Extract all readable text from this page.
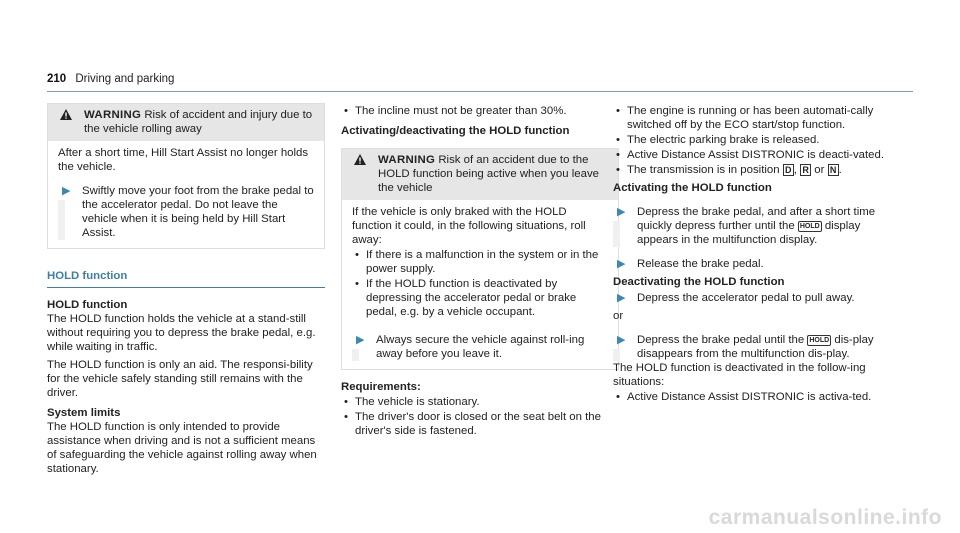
210 Driving and parking
WARNING Risk of accident and injury due to the vehicle rolling away
After a short time, Hill Start Assist no longer holds the vehicle.
▶ Swiftly move your foot from the brake pedal to the accelerator pedal. Do not leave the vehicle when it is being held by Hill Start Assist.
HOLD function
HOLD function
The HOLD function holds the vehicle at a stand-still without requiring you to depress the brake pedal, e.g. while waiting in traffic.
The HOLD function is only an aid. The responsi-bility for the vehicle safely standing still remains with the driver.
System limits
The HOLD function is only intended to provide assistance when driving and is not a sufficient means of safeguarding the vehicle against rolling away when stationary.
• The incline must not be greater than 30%.
Activating/deactivating the HOLD function
WARNING Risk of an accident due to the HOLD function being active when you leave the vehicle
If the vehicle is only braked with the HOLD function it could, in the following situations, roll away:
• If there is a malfunction in the system or in the power supply.
• If the HOLD function is deactivated by depressing the accelerator pedal or brake pedal, e.g. by a vehicle occupant.
▶ Always secure the vehicle against roll-ing away before you leave it.
Requirements:
• The vehicle is stationary.
• The driver's door is closed or the seat belt on the driver's side is fastened.
• The engine is running or has been automati-cally switched off by the ECO start/stop function.
• The electric parking brake is released.
• Active Distance Assist DISTRONIC is deacti-vated.
• The transmission is in position D , R or N .
Activating the HOLD function
▶ Depress the brake pedal, and after a short time quickly depress further until the HOLD display appears in the multifunction display.
▶ Release the brake pedal.
Deactivating the HOLD function
▶ Depress the accelerator pedal to pull away.
or
▶ Depress the brake pedal until the HOLD dis-play disappears from the multifunction dis-play.
The HOLD function is deactivated in the follow-ing situations:
• Active Distance Assist DISTRONIC is activa-ted.
carmanualsonline.info
